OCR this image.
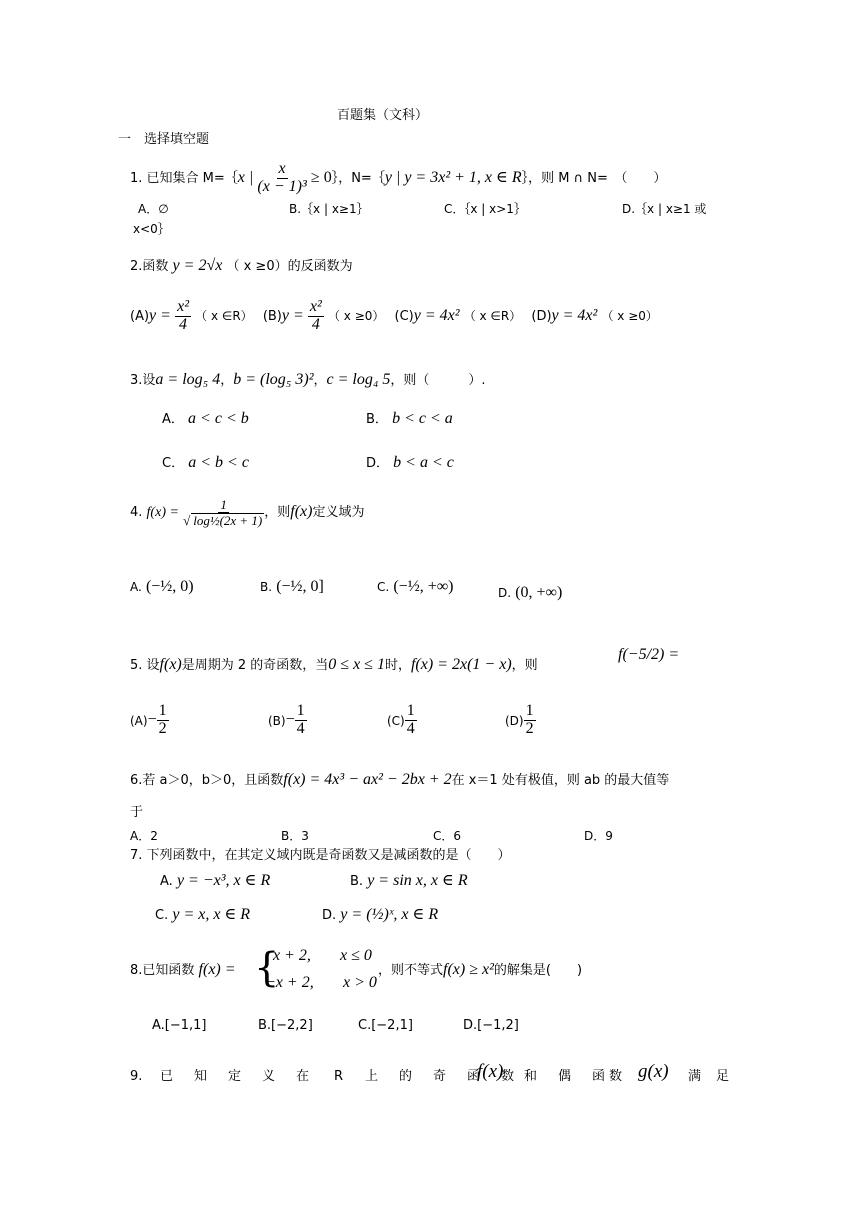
百题集（文科）
一　选择填空题
1. 已知集合 M=｛x | $\frac{x}{\text{(x − 1)³}}$ ≥ 0｝，N=｛y | y = 3x² + 1, x ∈ R｝，则 M ∩ N=　（　　）
A．∅	B.｛x | x≥1｝	C．｛x | x>1｝	D.｛x | x≥1 或
x<0｝
2.函数 y = 2√x （ x ≥0）的反函数为
$(A)y = \frac{\text{x²}}{4}$ （ x ∈R） $(B)y = \frac{\text{x²}}{4}$ （ x ≥0） (C)y = 4x² （ x ∈R） (D)y = 4x² （ x ≥0）
3.设a = log₅ 4，b = (log₅ 3)²，c = log₄ 5，则（　　　）.
A． a < c < b	B． b < c < a
C． a < b < c	D． b < a < c
4. $f(x) = \frac{1}{\text{√ log½(2x + 1)}}$ ，则f(x)定义域为
A. (−½, 0)	B. (−½, 0]	C. (−½, +∞)	D. (0, +∞)
5. 设f(x)是周期为 2 的奇函数，当0 ≤ x ≤ 1时，f(x) = 2x(1 − x)，则
f(−5/2) =
$(A)- \frac{1}{2}$	$(B)- \frac{1}{4}$	$(C) \frac{1}{4}$	$(D) \frac{1}{2}$
6.若 a＞0，b＞0，且函数f(x) = 4x³ − ax² − 2bx + 2在 x＝1 处有极值，则 ab 的最大值等
于
A．2	B．3	C．6	D．9
7. 下列函数中，在其定义域内既是奇函数又是减函数的是（　　）
A. y = −x³, x ∈ R	B. y = sin x, x ∈ R
C. y = x, x ∈ R	D. y = (½)ˣ, x ∈ R
8.已知函数 f(x) = {
x + 2, x ≤ 0
−x + 2, x > 0
，则不等式f(x) ≥ x²的解集是(　　)
A.[−1,1]	B.[−2,2]	C.[−2,1]	D.[−1,2]
9. 已 知 定 义 在 R 上 的 奇 函 数
f(x) 和 偶 函 数 g(x) 满 足
